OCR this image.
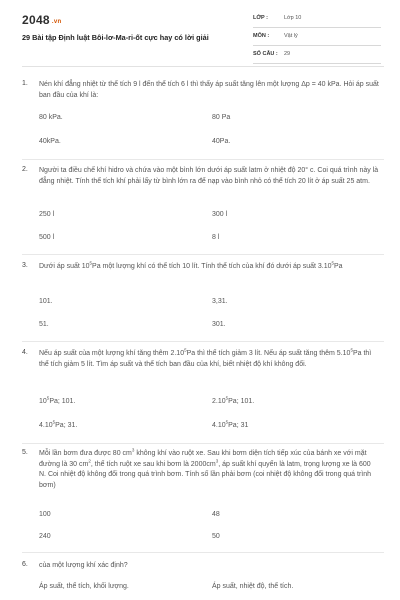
2048 .vn
29 Bài tập Định luật Bôi-lơ-Ma-ri-ốt cực hay có lời giải
LỚP :	Lớp 10
MÔN :	Vật lý
SỐ CÂU : 29
1. Nén khí đẳng nhiệt từ thể tích 9 l đến thể tích 6 l thì thấy áp suất tăng lên một lượng Δp = 40 kPa. Hỏi áp suất ban đầu của khí là:
80 kPa.	80 Pa
40kPa.	40Pa.
2. Người ta điều chế khí hidro và chứa vào một bình lớn dưới áp suất latm ở nhiệt độ 20° c. Coi quá trình này là đẳng nhiệt. Tính thể tích khí phải lấy từ bình lớn ra để nạp vào bình nhỏ có thể tích 20 lít ở áp suất 25 atm.
250 l	300 l
500 l	8 l
3. Dưới áp suất $10^5Pa$ một lượng khí có thể tích 10 lít. Tính thể tích của khí đó dưới áp suất 3.10$^5$Pa
101.	3,31.
51.	301.
4. Nếu áp suất của một lượng khí tăng thêm 2.10$^5$Pa thì thể tích giảm 3 lít. Nếu áp suất tăng thêm 5.10$^5$Pa thì thể tích giảm 5 lít. Tìm áp suất và thể tích ban đầu của khí, biết nhiệt độ khí không đổi.
$10^5Pa$; 101.	2.10$^5$Pa; 101.
4.10$^5$Pa; 31.	4.10$^5$Pa; 31
5. Mỗi lần bơm đưa được 80 $cm^3$ không khí vào ruột xe. Sau khi bơm diện tích tiếp xúc của bánh xe với mặt đường là 30 $cm^2$, thể tích ruột xe sau khi bơm là $2000cm^3$, áp suất khí quyển là latm, trọng lượng xe là 600 N. Coi nhiệt độ không đổi trong quá trình bơm. Tính số lần phải bơm (coi nhiệt độ không đổi trong quá trình bơm)
100	48
240	50
6. của một lượng khí xác định?
Áp suất, thể tích, khối lượng.	Áp suất, nhiệt độ, thể tích.
